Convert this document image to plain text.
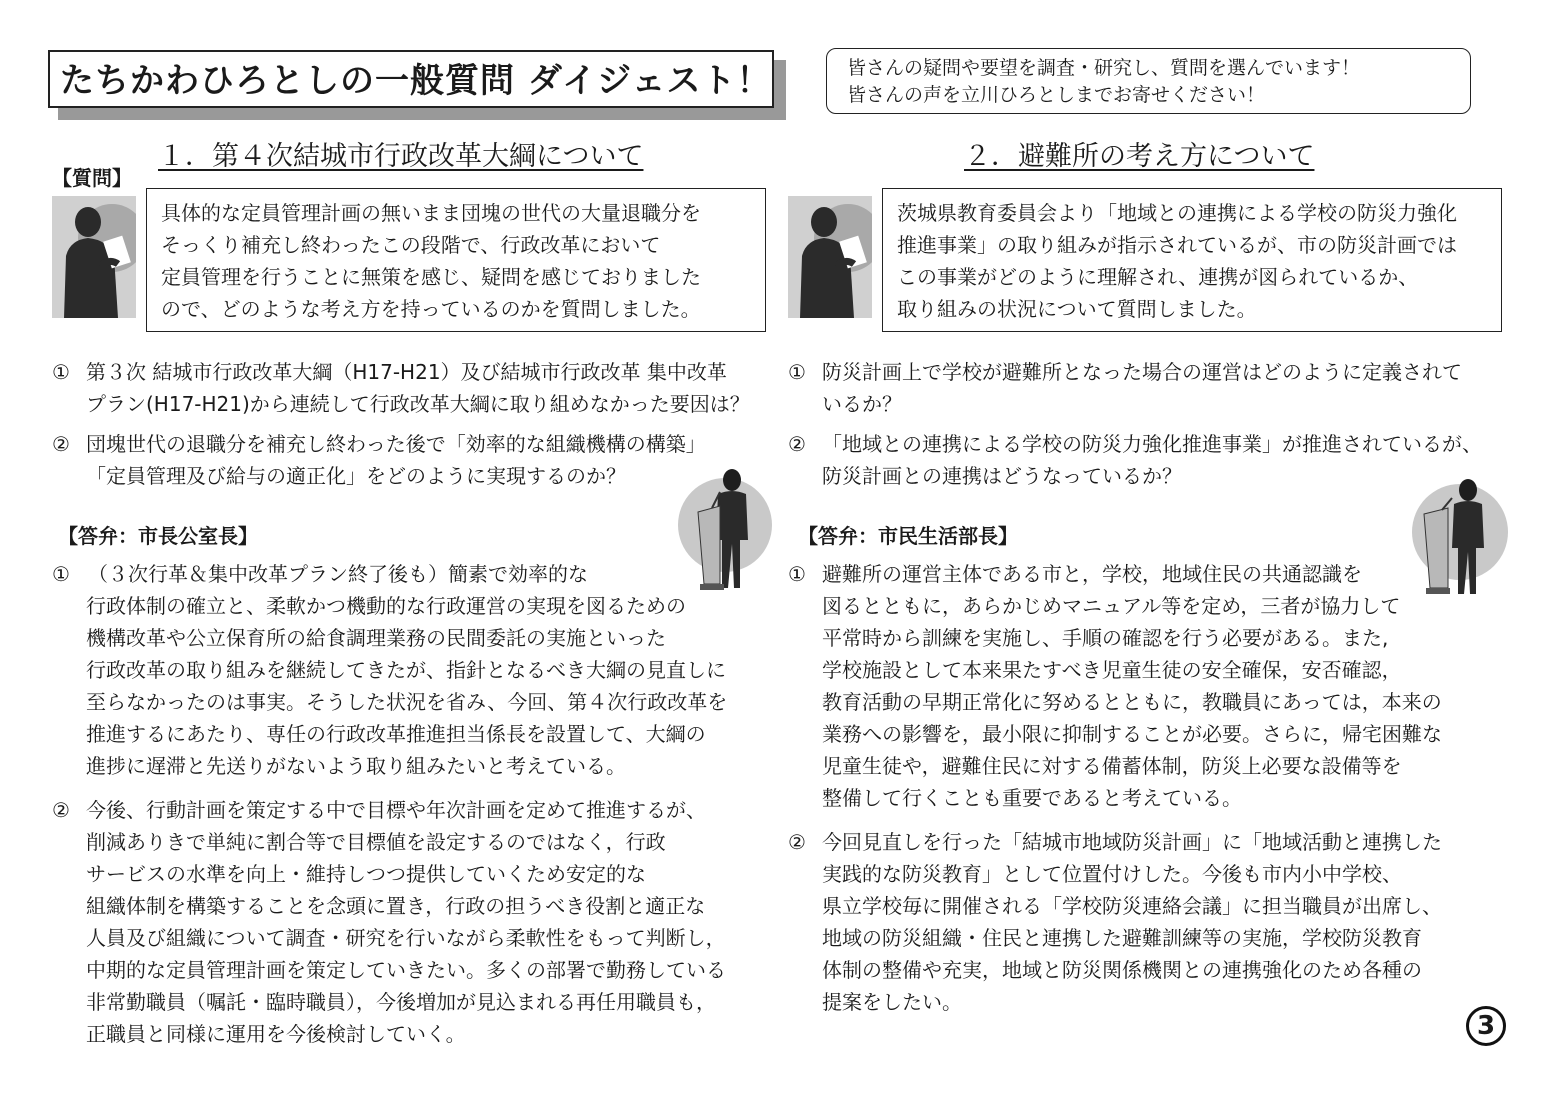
たちかわひろとしの一般質問 ダイジェスト！	皆さんの疑問や要望を調査・研究し、質問を選んでいます！
皆さんの声を立川ひろとしまでお寄せください！
１．第４次結城市行政改革大綱について
【質問】
具体的な定員管理計画の無いまま団塊の世代の大量退職分を
そっくり補充し終わったこの段階で、行政改革において
定員管理を行うことに無策を感じ、疑問を感じておりました
ので、どのような考え方を持っているのかを質問しました。
① 第３次 結城市行政改革大綱（H17-H21）及び結城市行政改革 集中改革
プラン(H17-H21)から連続して行政改革大綱に取り組めなかった要因は？
② 団塊世代の退職分を補充し終わった後で「効率的な組織機構の構築」
「定員管理及び給与の適正化」をどのように実現するのか？
【答弁：市長公室長】
① （３次行革＆集中改革プラン終了後も）簡素で効率的な
行政体制の確立と、柔軟かつ機動的な行政運営の実現を図るための
機構改革や公立保育所の給食調理業務の民間委託の実施といった
行政改革の取り組みを継続してきたが、指針となるべき大綱の見直しに
至らなかったのは事実。そうした状況を省み、今回、第４次行政改革を
推進するにあたり、専任の行政改革推進担当係長を設置して、大綱の
進捗に遅滞と先送りがないよう取り組みたいと考えている。
② 今後、行動計画を策定する中で目標や年次計画を定めて推進するが、
削減ありきで単純に割合等で目標値を設定するのではなく，行政
サービスの水準を向上・維持しつつ提供していくため安定的な
組織体制を構築することを念頭に置き，行政の担うべき役割と適正な
人員及び組織について調査・研究を行いながら柔軟性をもって判断し，
中期的な定員管理計画を策定していきたい。多くの部署で勤務している
非常勤職員（嘱託・臨時職員），今後増加が見込まれる再任用職員も，
正職員と同様に運用を今後検討していく。
２．避難所の考え方について
茨城県教育委員会より「地域との連携による学校の防災力強化
推進事業」の取り組みが指示されているが、市の防災計画では
この事業がどのように理解され、連携が図られているか、
取り組みの状況について質問しました。
① 防災計画上で学校が避難所となった場合の運営はどのように定義されて
いるか？
② 「地域との連携による学校の防災力強化推進事業」が推進されているが、
防災計画との連携はどうなっているか？
【答弁：市民生活部長】
① 避難所の運営主体である市と，学校，地域住民の共通認識を
図るとともに，あらかじめマニュアル等を定め，三者が協力して
平常時から訓練を実施し、手順の確認を行う必要がある。また,
学校施設として本来果たすべき児童生徒の安全確保，安否確認，
教育活動の早期正常化に努めるとともに，教職員にあっては，本来の
業務への影響を，最小限に抑制することが必要。さらに，帰宅困難な
児童生徒や，避難住民に対する備蓄体制，防災上必要な設備等を
整備して行くことも重要であると考えている。
② 今回見直しを行った「結城市地域防災計画」に「地域活動と連携した
実践的な防災教育」として位置付けした。今後も市内小中学校、
県立学校毎に開催される「学校防災連絡会議」に担当職員が出席し、
地域の防災組織・住民と連携した避難訓練等の実施，学校防災教育
体制の整備や充実，地域と防災関係機関との連携強化のため各種の
提案をしたい。
3
